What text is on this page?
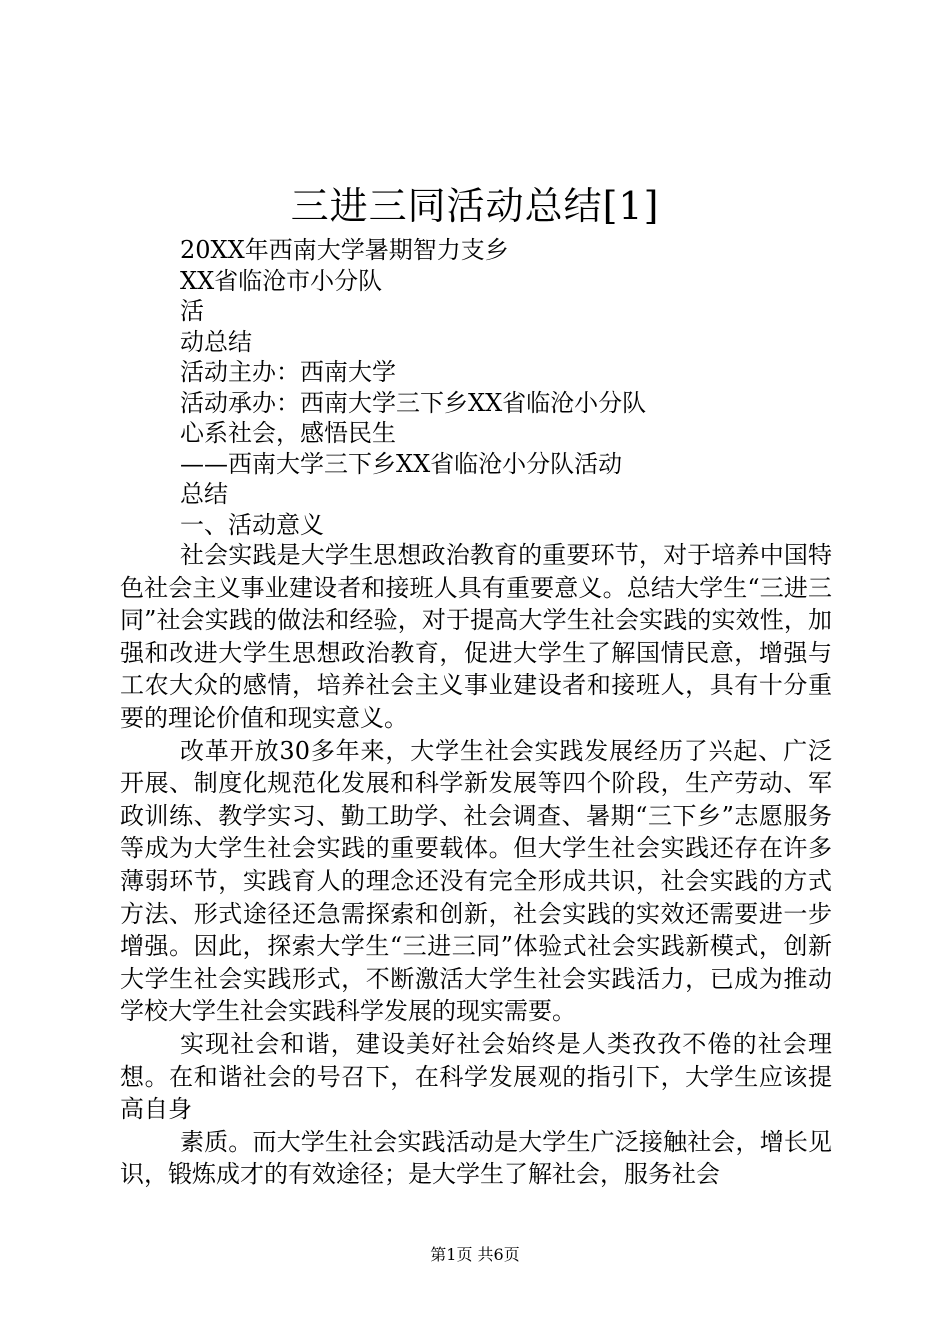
三进三同活动总结[1]
20XX年西南大学暑期智力支乡
XX省临沧市小分队
活
动总结
活动主办：西南大学
活动承办：西南大学三下乡XX省临沧小分队
心系社会，感悟民生
——西南大学三下乡XX省临沧小分队活动
总结
一、活动意义

社会实践是大学生思想政治教育的重要环节，对于培养中国特色社会主义事业建设者和接班人具有重要意义。总结大学生“三进三同”社会实践的做法和经验，对于提高大学生社会实践的实效性，加强和改进大学生思想政治教育，促进大学生了解国情民意，增强与工农大众的感情，培养社会主义事业建设者和接班人，具有十分重要的理论价值和现实意义。

改革开放30多年来，大学生社会实践发展经历了兴起、广泛开展、制度化规范化发展和科学新发展等四个阶段，生产劳动、军政训练、教学实习、勤工助学、社会调查、暑期“三下乡”志愿服务等成为大学生社会实践的重要载体。但大学生社会实践还存在许多薄弱环节，实践育人的理念还没有完全形成共识，社会实践的方式方法、形式途径还急需探索和创新，社会实践的实效还需要进一步增强。因此，探索大学生“三进三同”体验式社会实践新模式，创新大学生社会实践形式，不断激活大学生社会实践活力，已成为推动学校大学生社会实践科学发展的现实需要。

实现社会和谐，建设美好社会始终是人类孜孜不倦的社会理想。在和谐社会的号召下，在科学发展观的指引下，大学生应该提高自身

素质。而大学生社会实践活动是大学生广泛接触社会，增长见识，锻炼成才的有效途径；是大学生了解社会，服务社会

第1页 共6页
